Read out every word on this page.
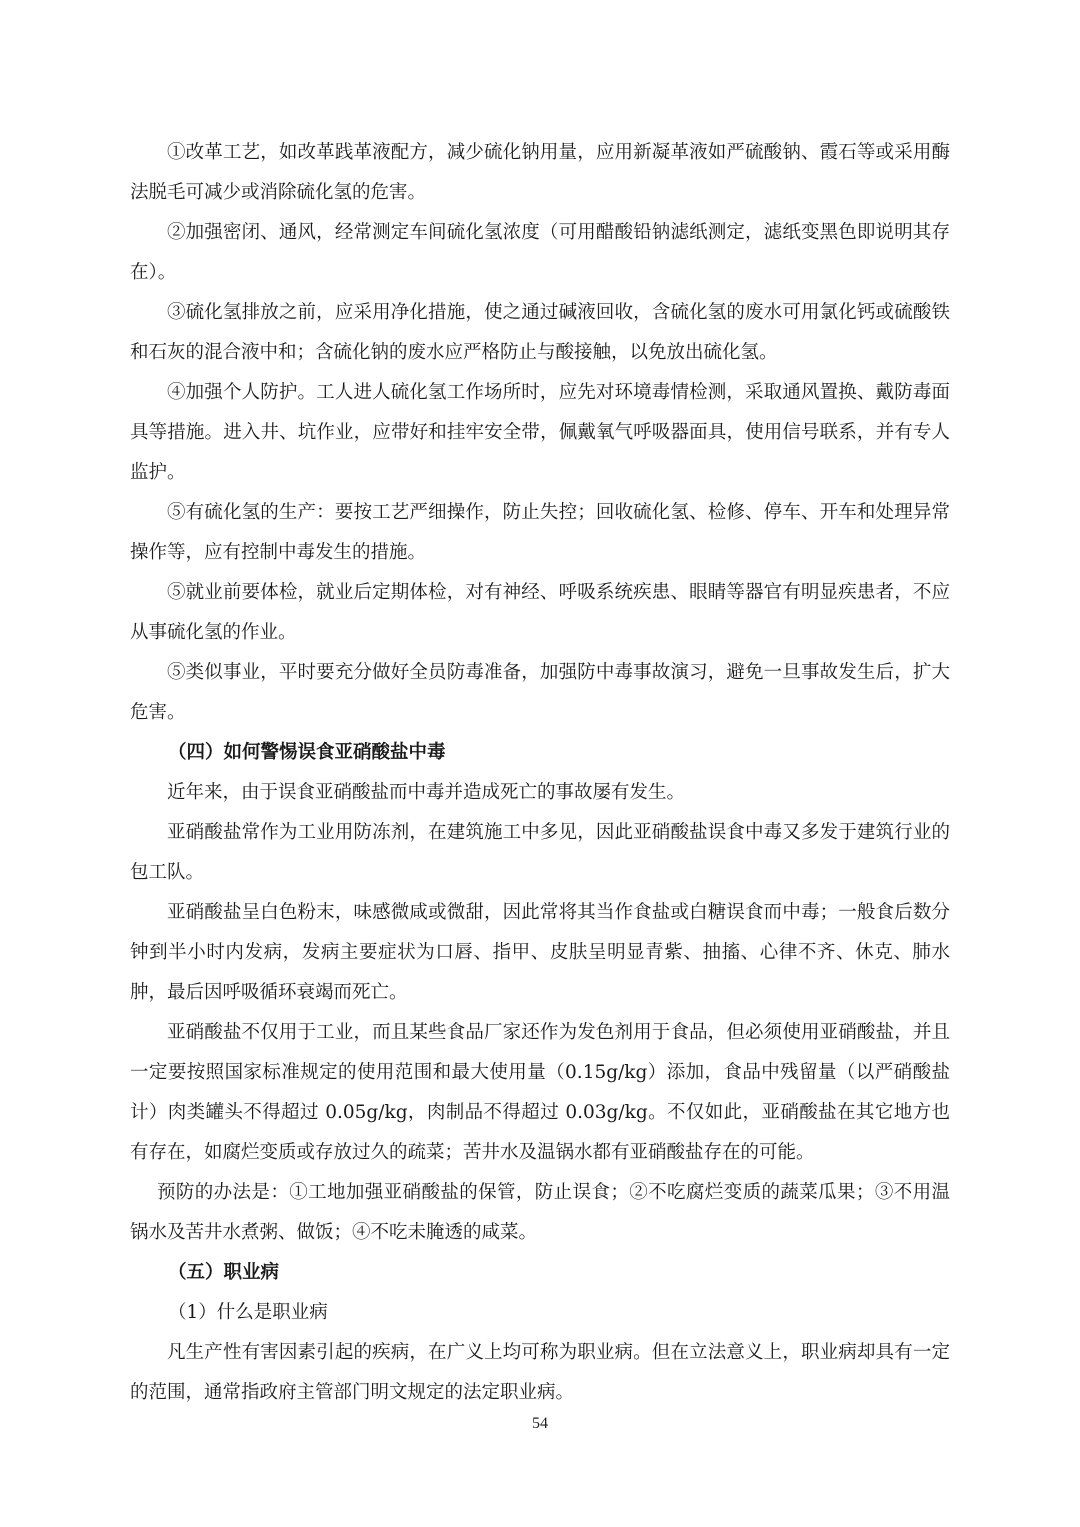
①改革工艺，如改革践革液配方，减少硫化钠用量，应用新凝革液如严硫酸钠、霞石等或采用酶法脱毛可减少或消除硫化氢的危害。

②加强密闭、通风，经常测定车间硫化氢浓度（可用醋酸铅钠滤纸测定，滤纸变黑色即说明其存在）。

③硫化氢排放之前，应采用净化措施，使之通过碱液回收，含硫化氢的废水可用氯化钙或硫酸铁和石灰的混合液中和；含硫化钠的废水应严格防止与酸接触，以免放出硫化氢。

④加强个人防护。工人进人硫化氢工作场所时，应先对环境毒情检测，采取通风置换、戴防毒面具等措施。进入井、坑作业，应带好和挂牢安全带，佩戴氧气呼吸器面具，使用信号联系，并有专人监护。

⑤有硫化氢的生产：要按工艺严细操作，防止失控；回收硫化氢、检修、停车、开车和处理异常操作等，应有控制中毒发生的措施。

⑤就业前要体检，就业后定期体检，对有神经、呼吸系统疾患、眼睛等器官有明显疾患者，不应从事硫化氢的作业。

⑤类似事业，平时要充分做好全员防毒准备，加强防中毒事故演习，避免一旦事故发生后，扩大危害。

（四）如何警惕误食亚硝酸盐中毒

近年来，由于误食亚硝酸盐而中毒并造成死亡的事故屡有发生。

亚硝酸盐常作为工业用防冻剂，在建筑施工中多见，因此亚硝酸盐误食中毒又多发于建筑行业的包工队。

亚硝酸盐呈白色粉末，味感微咸或微甜，因此常将其当作食盐或白糖误食而中毒；一般食后数分钟到半小时内发病，发病主要症状为口唇、指甲、皮肤呈明显青紫、抽搐、心律不齐、休克、肺水肿，最后因呼吸循环衰竭而死亡。

亚硝酸盐不仅用于工业，而且某些食品厂家还作为发色剂用于食品，但必须使用亚硝酸盐，并且一定要按照国家标准规定的使用范围和最大使用量（0.15g/kg）添加，食品中残留量（以严硝酸盐计）肉类罐头不得超过 0.05g/kg，肉制品不得超过 0.03g/kg。不仅如此，亚硝酸盐在其它地方也有存在，如腐烂变质或存放过久的疏菜；苦井水及温锅水都有亚硝酸盐存在的可能。

预防的办法是：①工地加强亚硝酸盐的保管，防止误食；②不吃腐烂变质的蔬菜瓜果；③不用温锅水及苦井水煮粥、做饭；④不吃未腌透的咸菜。

（五）职业病

（1）什么是职业病

凡生产性有害因素引起的疾病，在广义上均可称为职业病。但在立法意义上，职业病却具有一定的范围，通常指政府主管部门明文规定的法定职业病。

54
